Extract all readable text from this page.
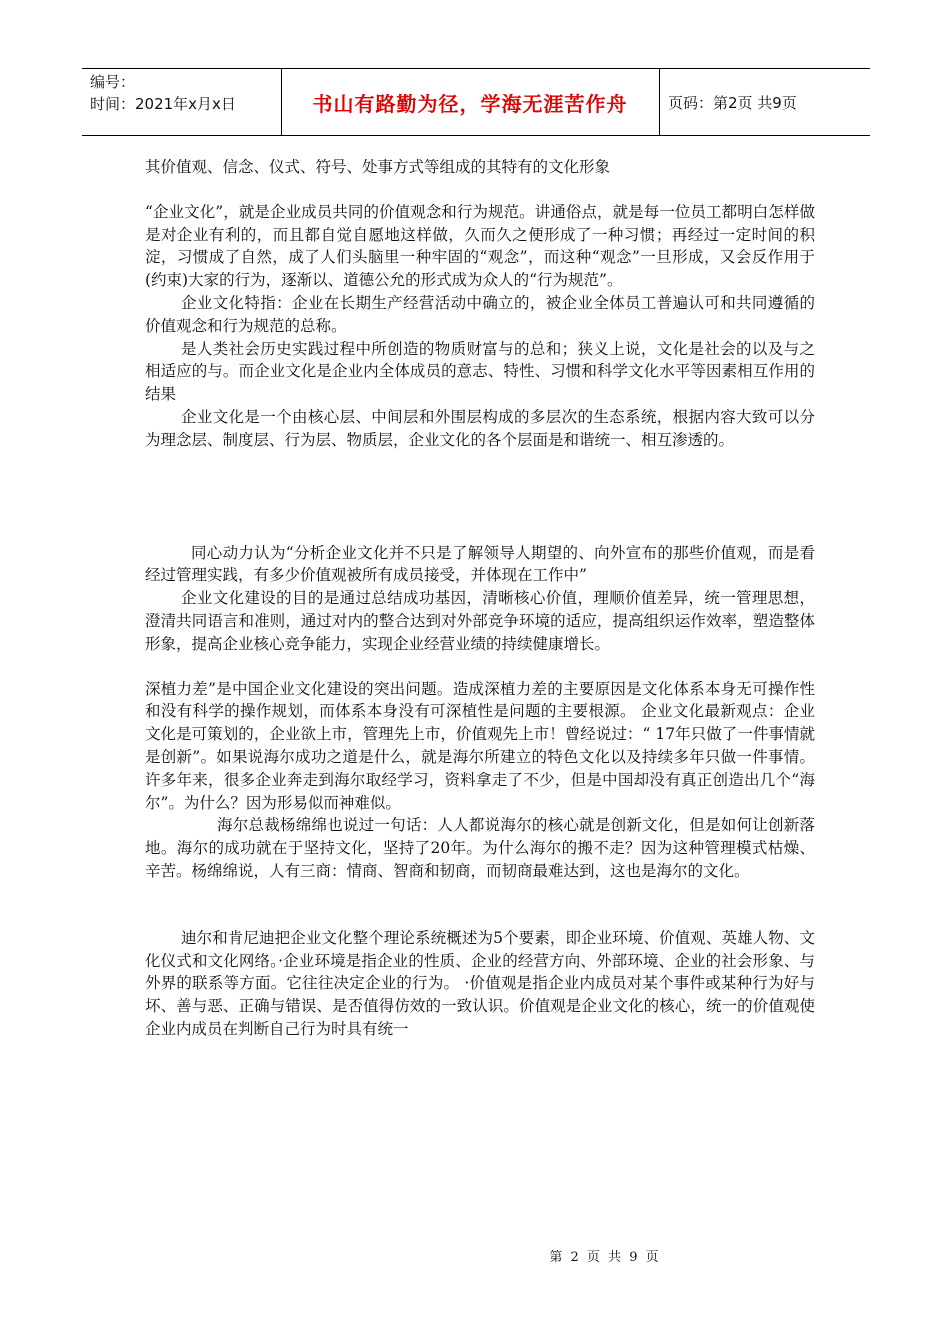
编号：
时间：2021年x月x日	书山有路勤为径，学海无涯苦作舟	页码：第2页 共9页

其价值观、信念、仪式、符号、处事方式等组成的其特有的文化形象

“企业文化”，就是企业成员共同的价值观念和行为规范。讲通俗点，就是每一位员工都明白怎样做是对企业有利的，而且都自觉自愿地这样做，久而久之便形成了一种习惯；再经过一定时间的积淀，习惯成了自然，成了人们头脑里一种牢固的“观念”，而这种“观念”一旦形成，又会反作用于(约束)大家的行为，逐渐以、道德公允的形式成为众人的“行为规范”。

企业文化特指：企业在长期生产经营活动中确立的，被企业全体员工普遍认可和共同遵循的价值观念和行为规范的总称。

是人类社会历史实践过程中所创造的物质财富与的总和；狭义上说，文化是社会的以及与之相适应的与。而企业文化是企业内全体成员的意志、特性、习惯和科学文化水平等因素相互作用的结果

企业文化是一个由核心层、中间层和外围层构成的多层次的生态系统，根据内容大致可以分为理念层、制度层、行为层、物质层，企业文化的各个层面是和谐统一、相互渗透的。

同心动力认为“分析企业文化并不只是了解领导人期望的、向外宣布的那些价值观，而是看经过管理实践，有多少价值观被所有成员接受，并体现在工作中”

企业文化建设的目的是通过总结成功基因，清晰核心价值，理顺价值差异，统一管理思想，澄清共同语言和准则，通过对内的整合达到对外部竞争环境的适应，提高组织运作效率，塑造整体形象，提高企业核心竞争能力，实现企业经营业绩的持续健康增长。

深植力差”是中国企业文化建设的突出问题。造成深植力差的主要原因是文化体系本身无可操作性和没有科学的操作规划，而体系本身没有可深植性是问题的主要根源。 企业文化最新观点：企业文化是可策划的，企业欲上市，管理先上市，价值观先上市！曾经说过：“ 17年只做了一件事情就是创新”。如果说海尔成功之道是什么，就是海尔所建立的特色文化以及持续多年只做一件事情。许多年来，很多企业奔走到海尔取经学习，资料拿走了不少，但是中国却没有真正创造出几个“海尔”。为什么？因为形易似而神难似。

海尔总裁杨绵绵也说过一句话：人人都说海尔的核心就是创新文化，但是如何让创新落地。海尔的成功就在于坚持文化，坚持了20年。为什么海尔的搬不走？因为这种管理模式枯燥、辛苦。杨绵绵说，人有三商：情商、智商和韧商，而韧商最难达到，这也是海尔的文化。

迪尔和肯尼迪把企业文化整个理论系统概述为5个要素，即企业环境、价值观、英雄人物、文化仪式和文化网络。·企业环境是指企业的性质、企业的经营方向、外部环境、企业的社会形象、与外界的联系等方面。它往往决定企业的行为。 ·价值观是指企业内成员对某个事件或某种行为好与坏、善与恶、正确与错误、是否值得仿效的一致认识。价值观是企业文化的核心，统一的价值观使企业内成员在判断自己行为时具有统一

第 2 页 共 9 页
